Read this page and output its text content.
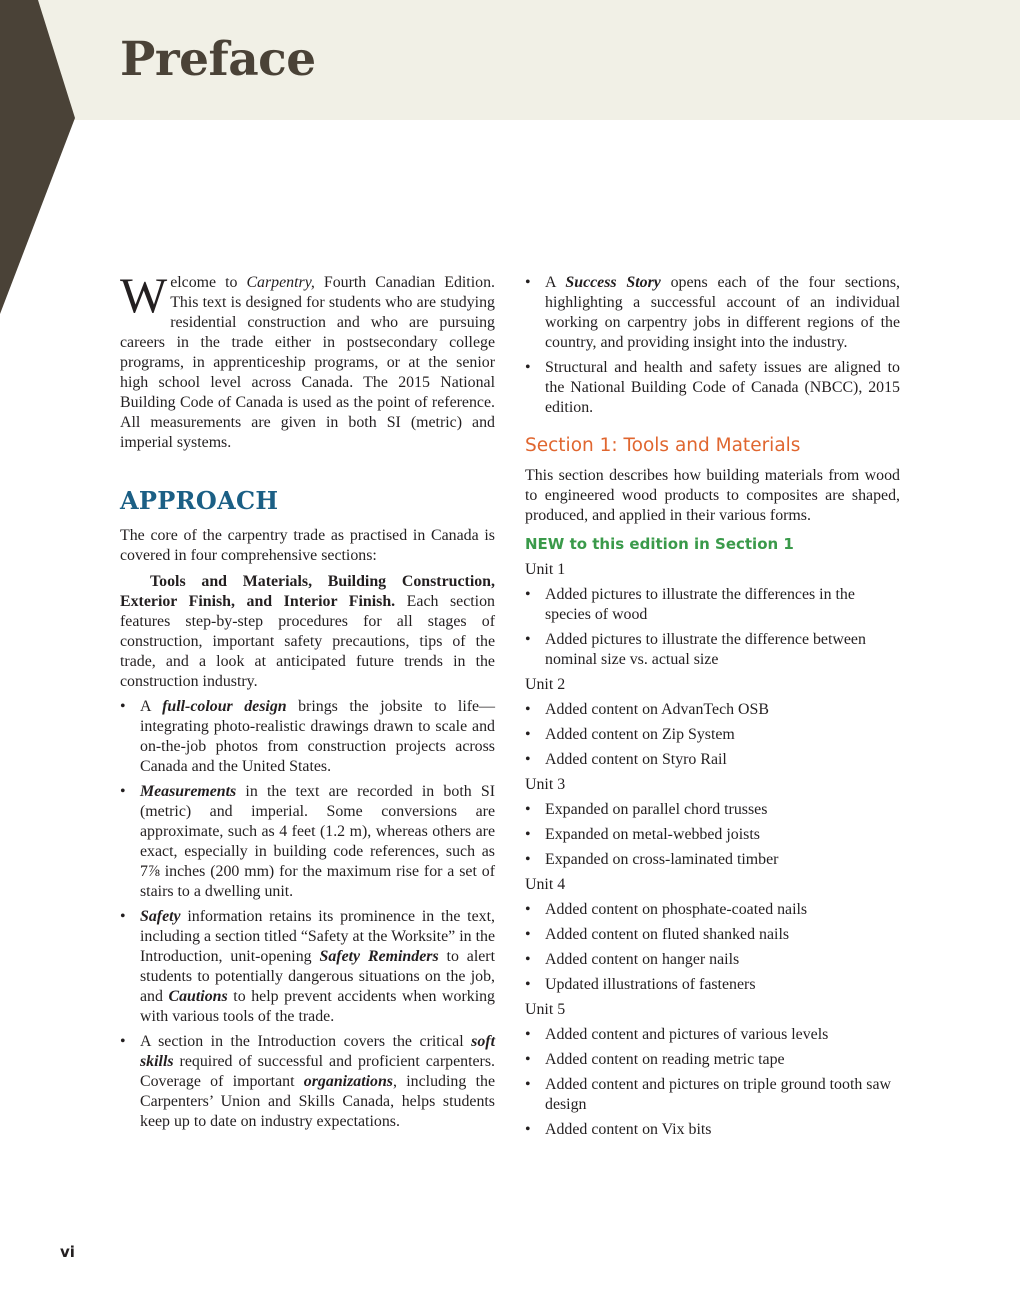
Preface

Welcome to Carpentry, Fourth Canadian Edition. This text is designed for students who are studying residential construction and who are pursuing careers in the trade either in postsecondary college programs, in apprenticeship programs, or at the senior high school level across Canada. The 2015 National Building Code of Canada is used as the point of reference. All measurements are given in both SI (metric) and imperial systems.

APPROACH

The core of the carpentry trade as practised in Canada is covered in four comprehensive sections:

Tools and Materials, Building Construction, Exterior Finish, and Interior Finish. Each section features step-by-step procedures for all stages of construction, important safety precautions, tips of the trade, and a look at anticipated future trends in the construction industry.

• A full-colour design brings the jobsite to life—integrating photo-realistic drawings drawn to scale and on-the-job photos from construction projects across Canada and the United States.
• Measurements in the text are recorded in both SI (metric) and imperial. Some conversions are approximate, such as 4 feet (1.2 m), whereas others are exact, especially in building code references, such as 7⅞ inches (200 mm) for the maximum rise for a set of stairs to a dwelling unit.
• Safety information retains its prominence in the text, including a section titled “Safety at the Worksite” in the Introduction, unit-opening Safety Reminders to alert students to potentially dangerous situations on the job, and Cautions to help prevent accidents when working with various tools of the trade.
• A section in the Introduction covers the critical soft skills required of successful and proficient carpenters. Coverage of important organizations, including the Carpenters’ Union and Skills Canada, helps students keep up to date on industry expectations.
• A Success Story opens each of the four sections, highlighting a successful account of an individual working on carpentry jobs in different regions of the country, and providing insight into the industry.
• Structural and health and safety issues are aligned to the National Building Code of Canada (NBCC), 2015 edition.
Section 1: Tools and Materials

This section describes how building materials from wood to engineered wood products to composites are shaped, produced, and applied in their various forms.

NEW to this edition in Section 1

Unit 1

• Added pictures to illustrate the differences in the species of wood
• Added pictures to illustrate the difference between nominal size vs. actual size

Unit 2

• Added content on AdvanTech OSB
• Added content on Zip System
• Added content on Styro Rail

Unit 3

• Expanded on parallel chord trusses
• Expanded on metal-webbed joists
• Expanded on cross-laminated timber

Unit 4

• Added content on phosphate-coated nails
• Added content on fluted shanked nails
• Added content on hanger nails
• Updated illustrations of fasteners

Unit 5

• Added content and pictures of various levels
• Added content on reading metric tape
• Added content and pictures on triple ground tooth saw design
• Added content on Vix bits
vi
